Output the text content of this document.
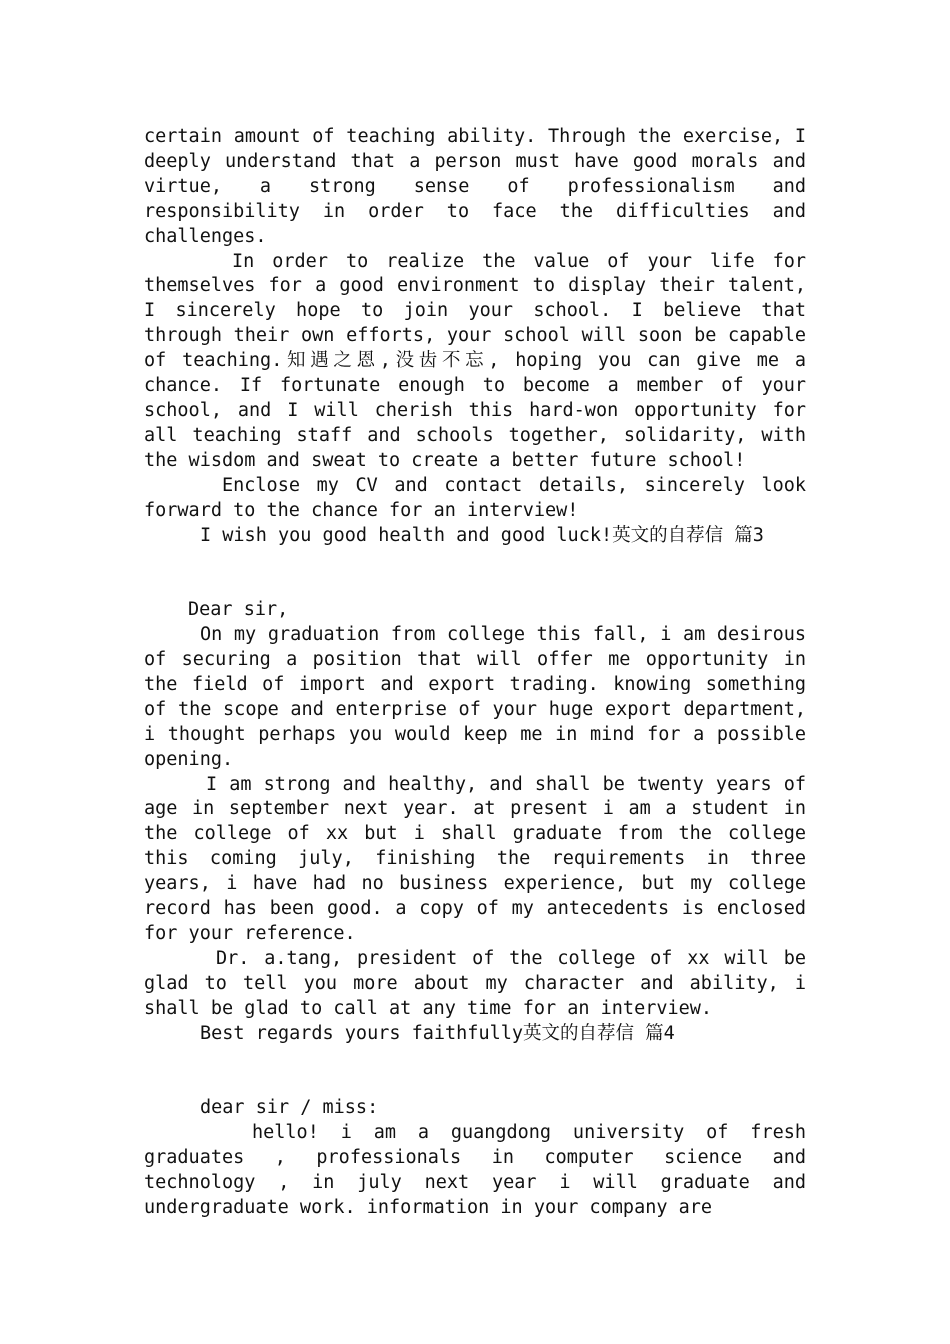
certain amount of teaching ability. Through the exercise, I deeply understand that a person must have good morals and virtue, a strong sense of professionalism and responsibility in order to face the difficulties and challenges.

In order to realize the value of your life for themselves for a good environment to display their talent, I sincerely hope to join your school. I believe that through their own efforts, your school will soon be capable of teaching.知遇之恩,没齿不忘, hoping you can give me a chance. If fortunate enough to become a member of your school, and I will cherish this hard-won opportunity for all teaching staff and schools together, solidarity, with the wisdom and sweat to create a better future school!

Enclose my CV and contact details, sincerely look forward to the chance for an interview!

I wish you good health and good luck!英文的自荐信 篇3

Dear sir,

On my graduation from college this fall, i am desirous of securing a position that will offer me opportunity in the field of import and export trading. knowing something of the scope and enterprise of your huge export department, i thought perhaps you would keep me in mind for a possible opening.

I am strong and healthy, and shall be twenty years of age in september next year. at present i am a student in the college of xx but i shall graduate from the college this coming july, finishing the requirements in three years, i have had no business experience, but my college record has been good. a copy of my antecedents is enclosed for your reference.

Dr. a.tang, president of the college of xx will be glad to tell you more about my character and ability, i shall be glad to call at any time for an interview.

Best regards yours faithfully英文的自荐信 篇4

dear sir / miss:

hello! i am a guangdong university of fresh graduates , professionals in computer science and technology , in july next year i will graduate and undergraduate work. information in your company are
